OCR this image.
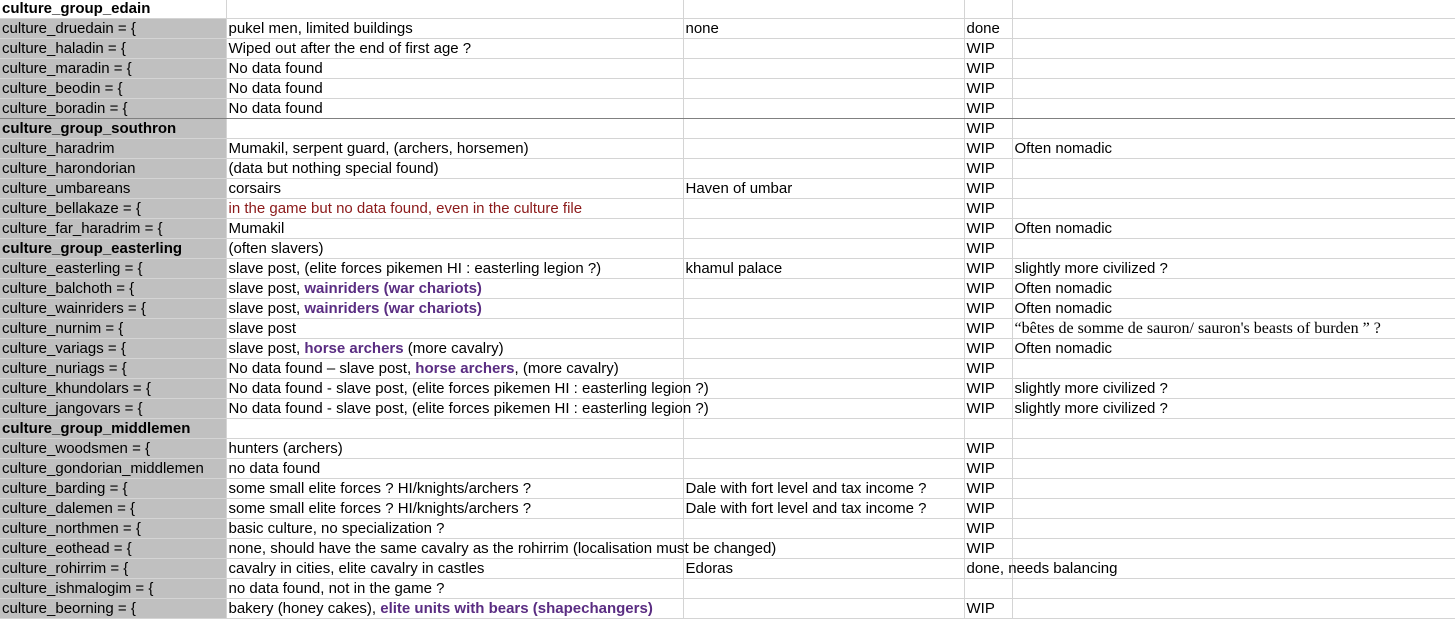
culture_group_edain				
culture_druedain = {	pukel men, limited buildings	none	done	
culture_haladin = {	Wiped out after the end of first age ?		WIP	
culture_maradin = {	No data found		WIP	
culture_beodin = {	No data found		WIP	
culture_boradin = {	No data found		WIP	
culture_group_southron			WIP	
culture_haradrim	Mumakil, serpent guard, (archers, horsemen)		WIP	Often nomadic
culture_harondorian	(data but nothing special found)		WIP	
culture_umbareans	corsairs	Haven of umbar	WIP	
culture_bellakaze = {	in the game but no data found, even in the culture file		WIP	
culture_far_haradrim = {	Mumakil		WIP	Often nomadic
culture_group_easterling	(often slavers)		WIP	
culture_easterling = {	slave post, (elite forces pikemen HI : easterling legion ?)	khamul palace	WIP	slightly more civilized ?
culture_balchoth = {	slave post, wainriders (war chariots)		WIP	Often nomadic
culture_wainriders = {	slave post, wainriders (war chariots)		WIP	Often nomadic
culture_nurnim = {	slave post		WIP	“bêtes de somme de sauron/ sauron's beasts of burden ” ?
culture_variags = {	slave post, horse archers (more cavalry)		WIP	Often nomadic
culture_nuriags = {	No data found – slave post, horse archers, (more cavalry)		WIP	
culture_khundolars = {	No data found - slave post, (elite forces pikemen HI : easterling legion ?)		WIP	slightly more civilized ?
culture_jangovars = {	No data found - slave post, (elite forces pikemen HI : easterling legion ?)		WIP	slightly more civilized ?
culture_group_middlemen				
culture_woodsmen = {	hunters (archers)		WIP	
culture_gondorian_middlemen	no data found		WIP	
culture_barding = {	some small elite forces ? HI/knights/archers ?	Dale with fort level and tax income ?	WIP	
culture_dalemen = {	some small elite forces ? HI/knights/archers ?	Dale with fort level and tax income ?	WIP	
culture_northmen = {	basic culture, no specialization ?		WIP	
culture_eothead = {	none, should have the same cavalry as the rohirrim (localisation must be changed)		WIP	
culture_rohirrim = {	cavalry in cities, elite cavalry in castles	Edoras	done, needs balancing	
culture_ishmalogim = {	no data found, not in the game ?			
culture_beorning = {	bakery (honey cakes), elite units with bears (shapechangers)		WIP	
